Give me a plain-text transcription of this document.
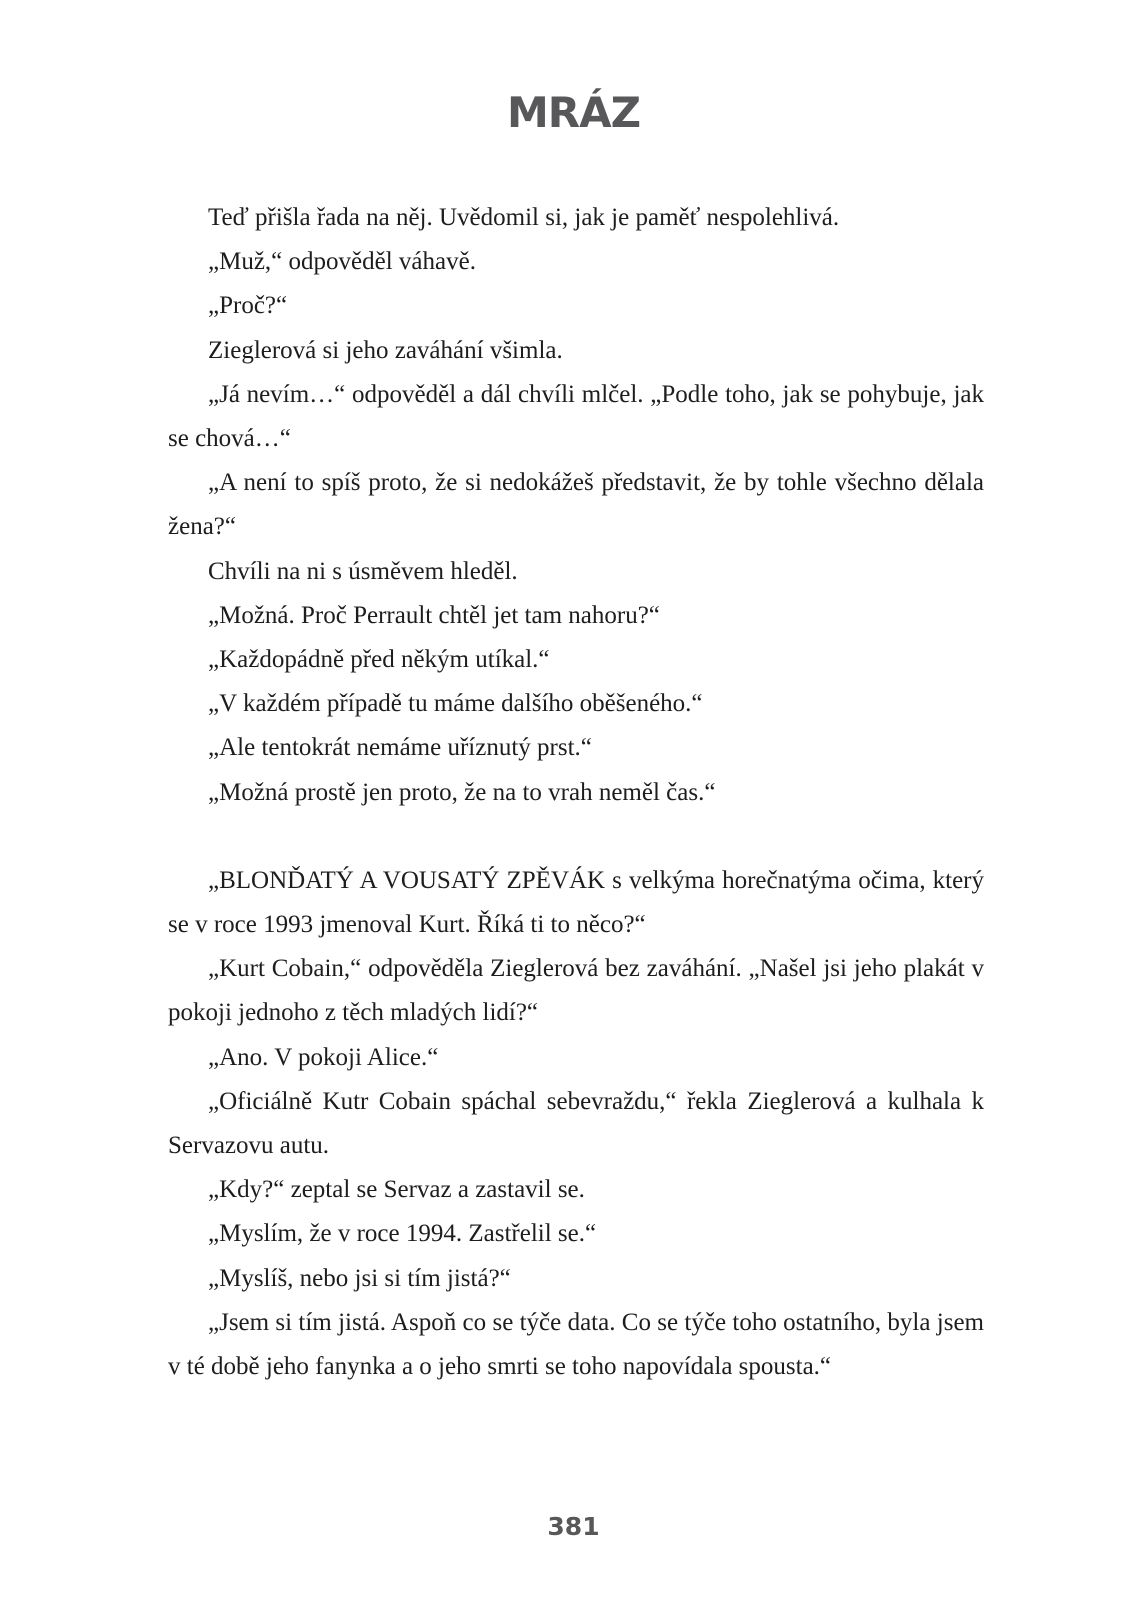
MRÁZ

Teď přišla řada na něj. Uvědomil si, jak je paměť nespolehlivá.

„Muž,“ odpověděl váhavě.

„Proč?“

Zieglerová si jeho zaváhání všimla.

„Já nevím…“ odpověděl a dál chvíli mlčel. „Podle toho, jak se pohybuje, jak se chová…“

„A není to spíš proto, že si nedokážeš představit, že by tohle všechno dělala žena?“

Chvíli na ni s úsměvem hleděl.

„Možná. Proč Perrault chtěl jet tam nahoru?“

„Každopádně před někým utíkal.“

„V každém případě tu máme dalšího oběšeného.“

„Ale tentokrát nemáme uříznutý prst.“

„Možná prostě jen proto, že na to vrah neměl čas.“

„BLONĎATÝ A VOUSATÝ ZPĚVÁK s velkýma horečnatýma očima, který se v roce 1993 jmenoval Kurt. Říká ti to něco?“

„Kurt Cobain,“ odpověděla Zieglerová bez zaváhání. „Našel jsi jeho plakát v pokoji jednoho z těch mladých lidí?“

„Ano. V pokoji Alice.“

„Oficiálně Kutr Cobain spáchal sebevraždu,“ řekla Zieglerová a kulhala k Servazovu autu.

„Kdy?“ zeptal se Servaz a zastavil se.

„Myslím, že v roce 1994. Zastřelil se.“

„Myslíš, nebo jsi si tím jistá?“

„Jsem si tím jistá. Aspoň co se týče data. Co se týče toho ostatního, byla jsem v té době jeho fanynka a o jeho smrti se toho napovídala spousta.“

381
